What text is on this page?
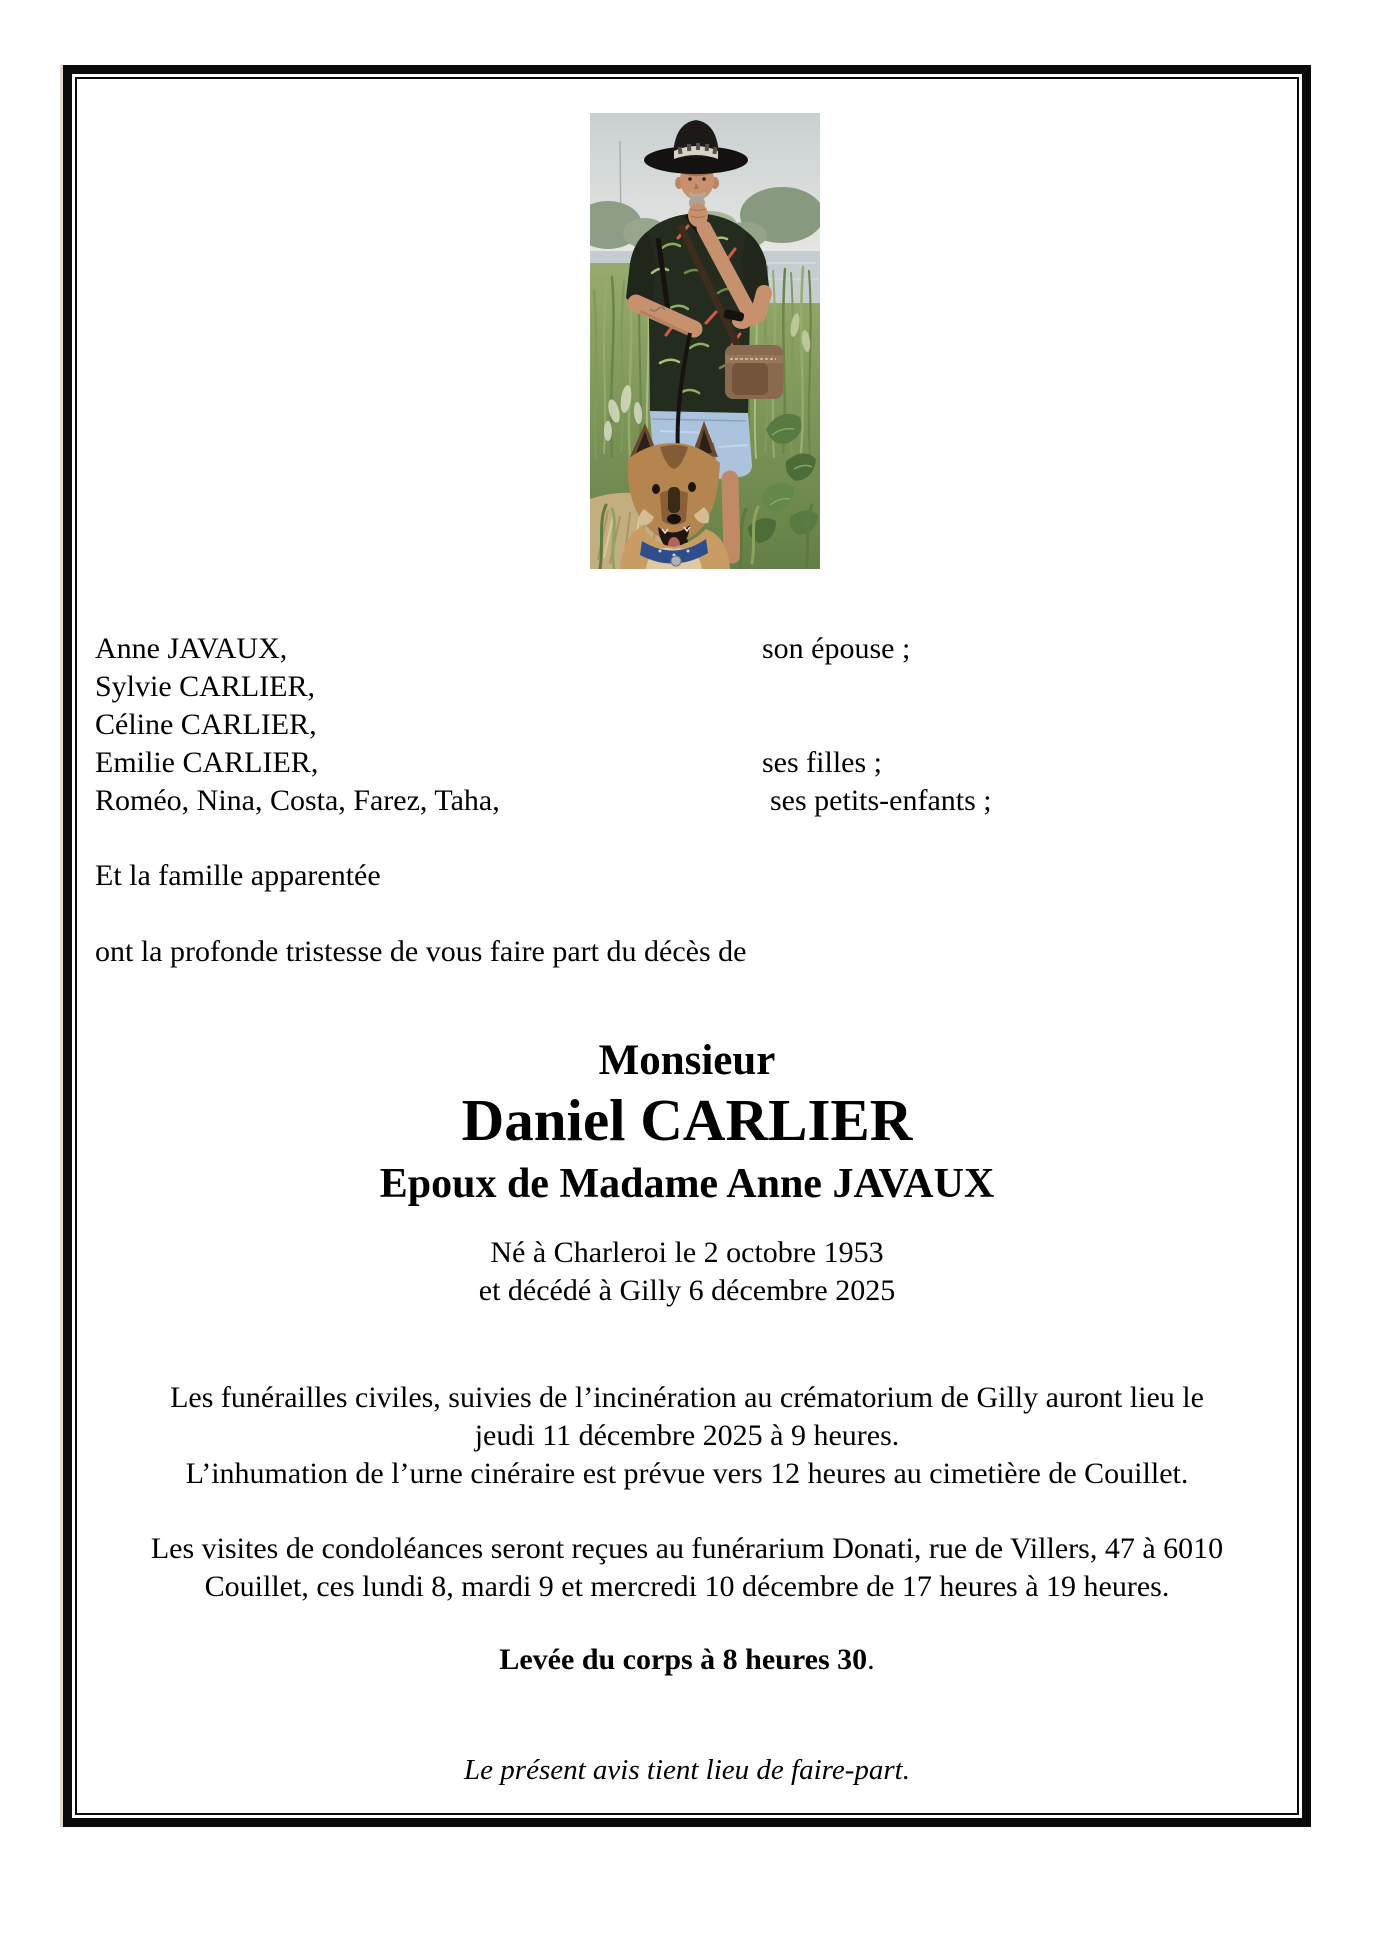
Anne JAVAUX,	son épouse ;
Sylvie CARLIER,
Céline CARLIER,
Emilie CARLIER,	ses filles ;
Roméo, Nina, Costa, Farez, Taha,	ses petits-enfants ;
Et la famille apparentée
ont la profonde tristesse de vous faire part du décès de
Monsieur
Daniel CARLIER
Epoux de Madame Anne JAVAUX
Né à Charleroi le 2 octobre 1953
et décédé à Gilly 6 décembre 2025
Les funérailles civiles, suivies de l’incinération au crématorium de Gilly auront lieu le
jeudi 11 décembre 2025 à 9 heures.
L’inhumation de l’urne cinéraire est prévue vers 12 heures au cimetière de Couillet.
Les visites de condoléances seront reçues au funérarium Donati, rue de Villers, 47 à 6010
Couillet, ces lundi 8, mardi 9 et mercredi 10 décembre de 17 heures à 19 heures.
Levée du corps à 8 heures 30.
Le présent avis tient lieu de faire-part.
